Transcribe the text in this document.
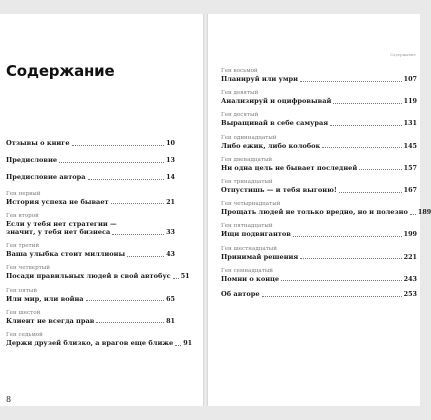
Содержание
Отзывы о книге	10
Предисловие	13
Предисловие автора	14
Ген первый
История успеха не бывает	21
Ген второй
Если у тебя нет стратегии —
значит, у тебя нет бизнеса	33
Ген третий
Ваша улыбка стоит миллионы	43
Ген четвертый
Посади правильных людей в свой автобус 51
Ген пятый
Или мир, или война	65
Ген шестой
Клиент не всегда прав	81
Ген седьмой
Держи друзей близко, а врагов еще ближе 91
8
Содержание
Ген восьмой
Планируй или умри	107
Ген девятый
Анализируй и оцифровывай	119
Ген десятый
Выращивай в себе самурая	131
Ген одиннадцатый
Либо ежик, либо колобок	145
Ген двенадцатый
Ни одна цель не бывает последней	157
Ген тринадцатый
Отпустишь — и тебя выгоню!	167
Ген четырнадцатый
Прощать людей не только вредно, но и полезно 189
Ген пятнадцатый
Ищи подвигантов	199
Ген шестнадцатый
Принимай решения	221
Ген семнадцатый
Помни о конце	243
Об авторе	253
